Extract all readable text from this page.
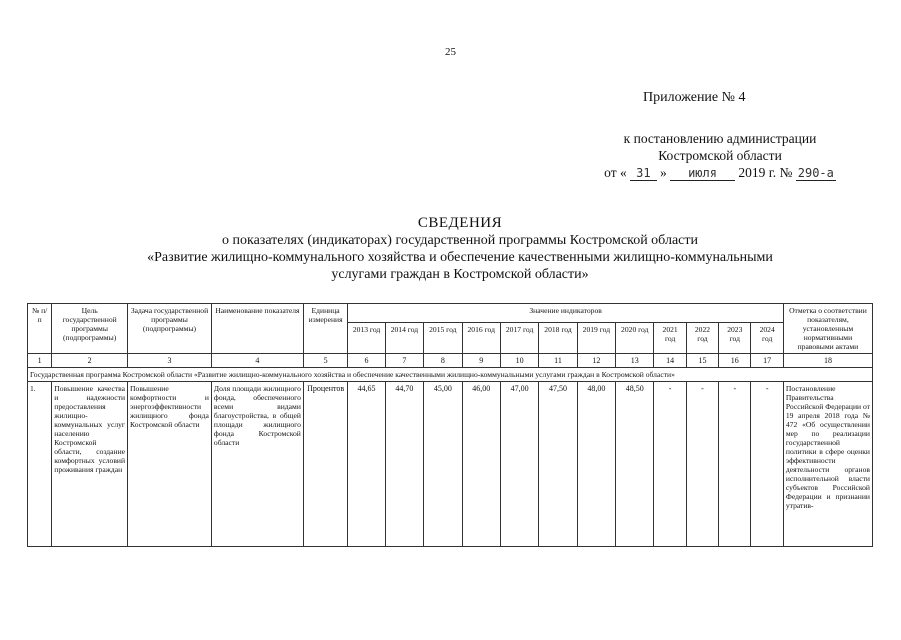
25
Приложение № 4
к постановлению администрации
Костромской области
от « 31 » июля 2019 г. № 290-а
СВЕДЕНИЯ
о показателях (индикаторах) государственной программы Костромской области
«Развитие жилищно-коммунального хозяйства и обеспечение качественными жилищно-коммунальными
услугами граждан в Костромской области»
№ п/п	Цель государственной программы (подпрограммы)	Задача государственной программы (подпрограммы)	Наименование показателя	Единица измерения	Значение индикаторов												Отметка о соответствии показателям, установленным нормативными правовыми актами
					2013 год	2014 год	2015 год	2016 год	2017 год	2018 год	2019 год	2020 год	2021 год	2022 год	2023 год	2024 год	
1	2	3	4	5	6	7	8	9	10	11	12	13	14	15	16	17	18
Государственная программа Костромской области «Развитие жилищно-коммунального хозяйства и обеспечение качественными жилищно-коммунальными услугами граждан в Костромской области»																	
1.	Повышение качества и надежности предоставления жилищно-коммунальных услуг населению Костромской области, создание комфортных условий проживания граждан	Повышение комфортности и энергоэффективности жилищного фонда Костромской области	Доля площади жилищного фонда, обеспеченного всеми видами благоустройства, в общей площади жилищного фонда Костромской области	Процентов	44,65	44,70	45,00	46,00	47,00	47,50	48,00	48,50	-	-	-	-	Постановление Правительства Российской Федерации от 19 апреля 2018 года № 472 «Об осуществлении мер по реализации государственной политики в сфере оценки эффективности деятельности органов исполнительной власти субъектов Российской Федерации и признании утратив-
